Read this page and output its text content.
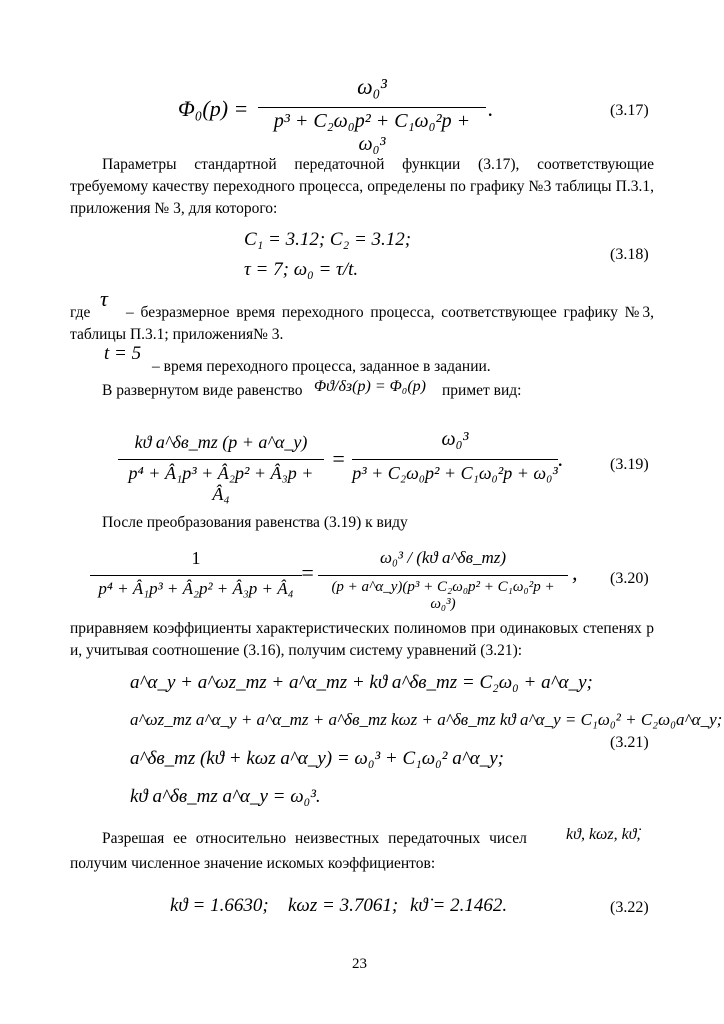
Φ₀(p) =
ω₀³
p³ + C₂ω₀p² + C₁ω₀²p + ω₀³
.	(3.17)
Параметры стандартной передаточной функции (3.17), соответствующие требуемому качеству переходного процесса, определены по графику №3 таблицы П.3.1, приложения № 3, для которого:
C₁ = 3.12; C₂ = 3.12;
τ = 7; ω₀ = τ/t.
(3.18)
где
τ
– безразмерное время переходного процесса, соответствующее графику №3, таблицы П.3.1; приложения№ 3.
t = 5
– время переходного процесса, заданное в задании.
В развернутом виде равенство Φϑ/δз(p) = Φ₀(p) примет вид:
kϑ a^δв_mz (p + a^α_y)
p⁴ + Â₁p³ + Â₂p² + Â₃p + Â₄
=
ω₀³
p³ + C₂ω₀p² + C₁ω₀²p + ω₀³
.	(3.19)
После преобразования равенства (3.19) к виду
1
p⁴ + Â₁p³ + Â₂p² + Â₃p + Â₄
=
ω₀³ / (kϑ a^δв_mz)
(p + a^α_y)(p³ + C₂ω₀p² + C₁ω₀²p + ω₀³)
, (3.20)
приравняем коэффициенты характеристических полиномов при одинаковых степенях p и, учитывая соотношение (3.16), получим систему уравнений (3.21):
a^α_y + a^ωz_mz + a^α_mz + kϑ a^δв_mz = C₂ω₀ + a^α_y;
a^ωz_mz a^α_y + a^α_mz + a^δв_mz kωz + a^δв_mz kϑ a^α_y = C₁ω₀² + C₂ω₀a^α_y;
a^δв_mz (kϑ + kωz a^α_y) = ω₀³ + C₁ω₀² a^α_y;
kϑ a^δв_mz a^α_y = ω₀³.
(3.21)
Разрешая ее относительно неизвестных передаточных чисел kϑ, kωz, kϑ̇,
получим численное значение искомых коэффициентов:
kϑ = 1.6630; kωz = 3.7061; kϑ̇ = 2.1462.	(3.22)
23
